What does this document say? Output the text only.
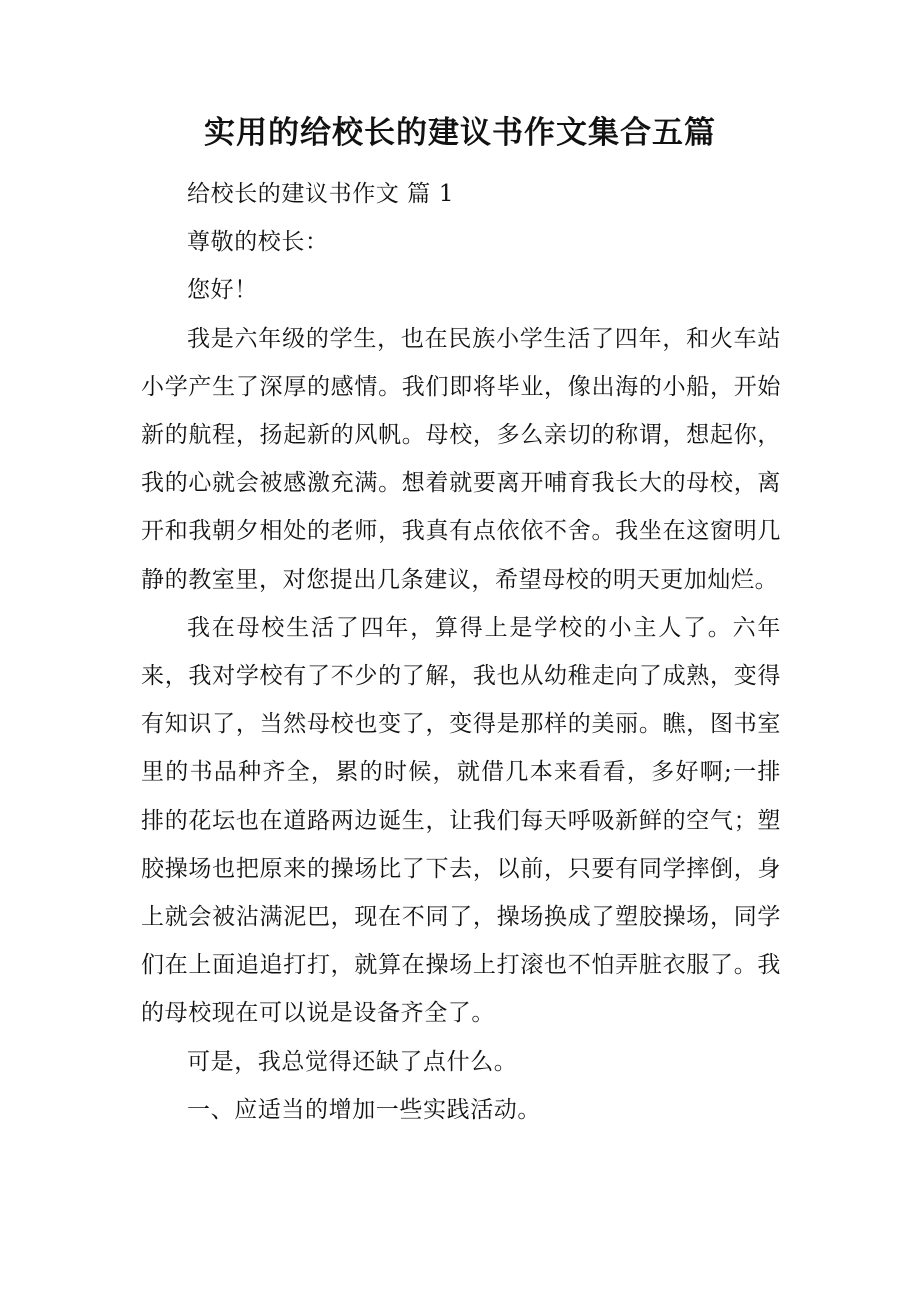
实用的给校长的建议书作文集合五篇

给校长的建议书作文 篇 1

尊敬的校长：

您好！

我是六年级的学生，也在民族小学生活了四年，和火车站小学产生了深厚的感情。我们即将毕业，像出海的小船，开始新的航程，扬起新的风帆。母校，多么亲切的称谓，想起你，我的心就会被感激充满。想着就要离开哺育我长大的母校，离开和我朝夕相处的老师，我真有点依依不舍。我坐在这窗明几静的教室里，对您提出几条建议，希望母校的明天更加灿烂。

我在母校生活了四年，算得上是学校的小主人了。六年来，我对学校有了不少的了解，我也从幼稚走向了成熟，变得有知识了，当然母校也变了，变得是那样的美丽。瞧，图书室里的书品种齐全，累的时候，就借几本来看看，多好啊;一排排的花坛也在道路两边诞生，让我们每天呼吸新鲜的空气；塑胶操场也把原来的操场比了下去，以前，只要有同学摔倒，身上就会被沾满泥巴，现在不同了，操场换成了塑胶操场，同学们在上面追追打打，就算在操场上打滚也不怕弄脏衣服了。我的母校现在可以说是设备齐全了。

可是，我总觉得还缺了点什么。

一、应适当的增加一些实践活动。
